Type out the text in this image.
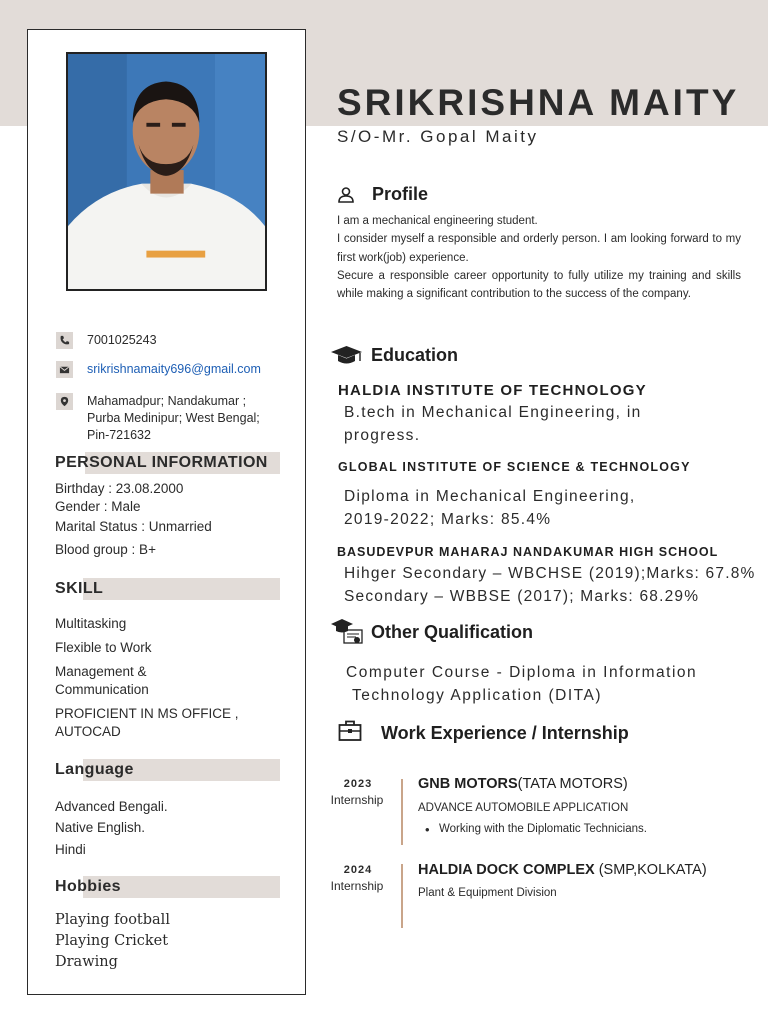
7001025243
srikrishnamaity696@gmail.com
Mahamadpur; Nandakumar ;
Purba Medinipur; West Bengal;
Pin-721632
PERSONAL INFORMATION
Birthday : 23.08.2000
Gender : Male
Marital Status : Unmarried
Blood group : B+
SKILL
Multitasking
Flexible to Work
Management &
Communication
PROFICIENT IN MS OFFICE ,
AUTOCAD
Language
Advanced Bengali.
Native English.
Hindi
Hobbies
Playing football
Playing Cricket
Drawing
SRIKRISHNA MAITY
S/O-Mr. Gopal Maity
Profile

I am a mechanical engineering student.

I consider myself a responsible and orderly person. I am looking forward to my first work(job) experience.

Secure a responsible career opportunity to fully utilize my training and skills while making a significant contribution to the success of the company.

Education
HALDIA INSTITUTE OF TECHNOLOGY
B.tech in Mechanical Engineering, in
progress.
GLOBAL INSTITUTE OF SCIENCE & TECHNOLOGY
Diploma in Mechanical Engineering,
2019-2022; Marks: 85.4%
BASUDEVPUR MAHARAJ NANDAKUMAR HIGH SCHOOL
Hihger Secondary – WBCHSE (2019);Marks: 67.8%
Secondary – WBBSE (2017); Marks: 68.29%
Other Qualification
Computer Course - Diploma in Information
Technology Application (DITA)
Work Experience / Internship
2023
Internship
GNB MOTORS(TATA MOTORS)
ADVANCE AUTOMOBILE APPLICATION
• Working with the Diplomatic Technicians.
2024
Internship
HALDIA DOCK COMPLEX (SMP,KOLKATA)
Plant & Equipment Division
